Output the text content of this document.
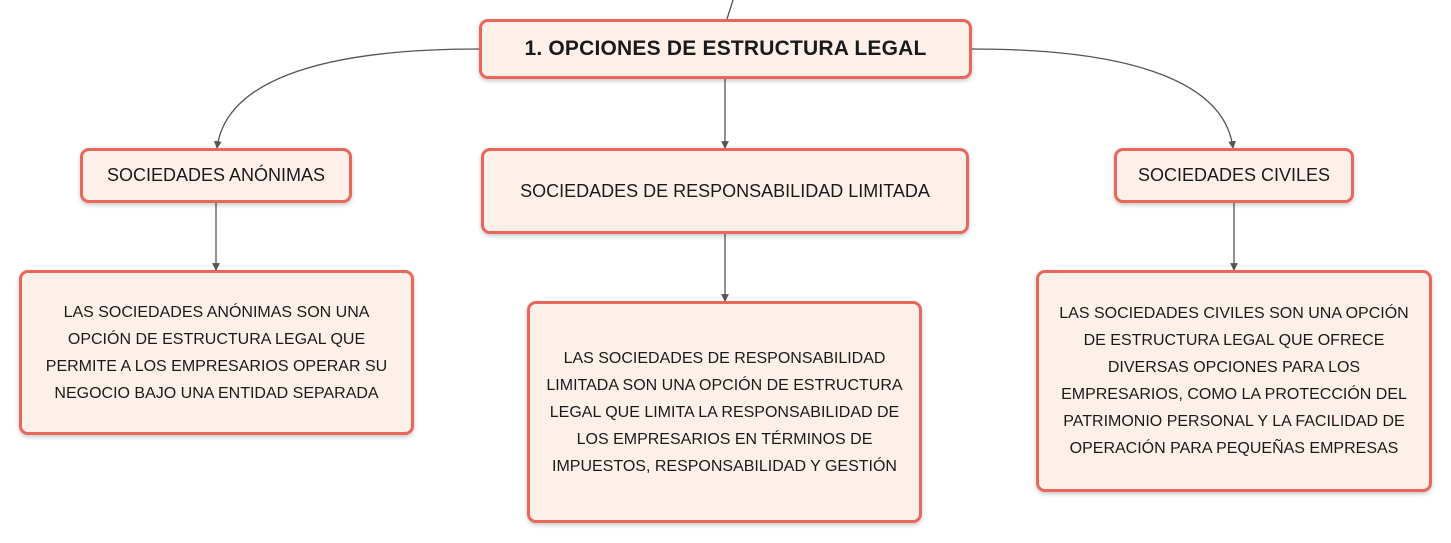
1. OPCIONES DE ESTRUCTURA LEGAL
SOCIEDADES ANÓNIMAS
SOCIEDADES DE RESPONSABILIDAD LIMITADA
SOCIEDADES CIVILES
LAS SOCIEDADES ANÓNIMAS SON UNA OPCIÓN DE ESTRUCTURA LEGAL QUE PERMITE A LOS EMPRESARIOS OPERAR SU NEGOCIO BAJO UNA ENTIDAD SEPARADA
LAS SOCIEDADES DE RESPONSABILIDAD LIMITADA SON UNA OPCIÓN DE ESTRUCTURA LEGAL QUE LIMITA LA RESPONSABILIDAD DE LOS EMPRESARIOS EN TÉRMINOS DE IMPUESTOS, RESPONSABILIDAD Y GESTIÓN
LAS SOCIEDADES CIVILES SON UNA OPCIÓN DE ESTRUCTURA LEGAL QUE OFRECE DIVERSAS OPCIONES PARA LOS EMPRESARIOS, COMO LA PROTECCIÓN DEL PATRIMONIO PERSONAL Y LA FACILIDAD DE OPERACIÓN PARA PEQUEÑAS EMPRESAS
